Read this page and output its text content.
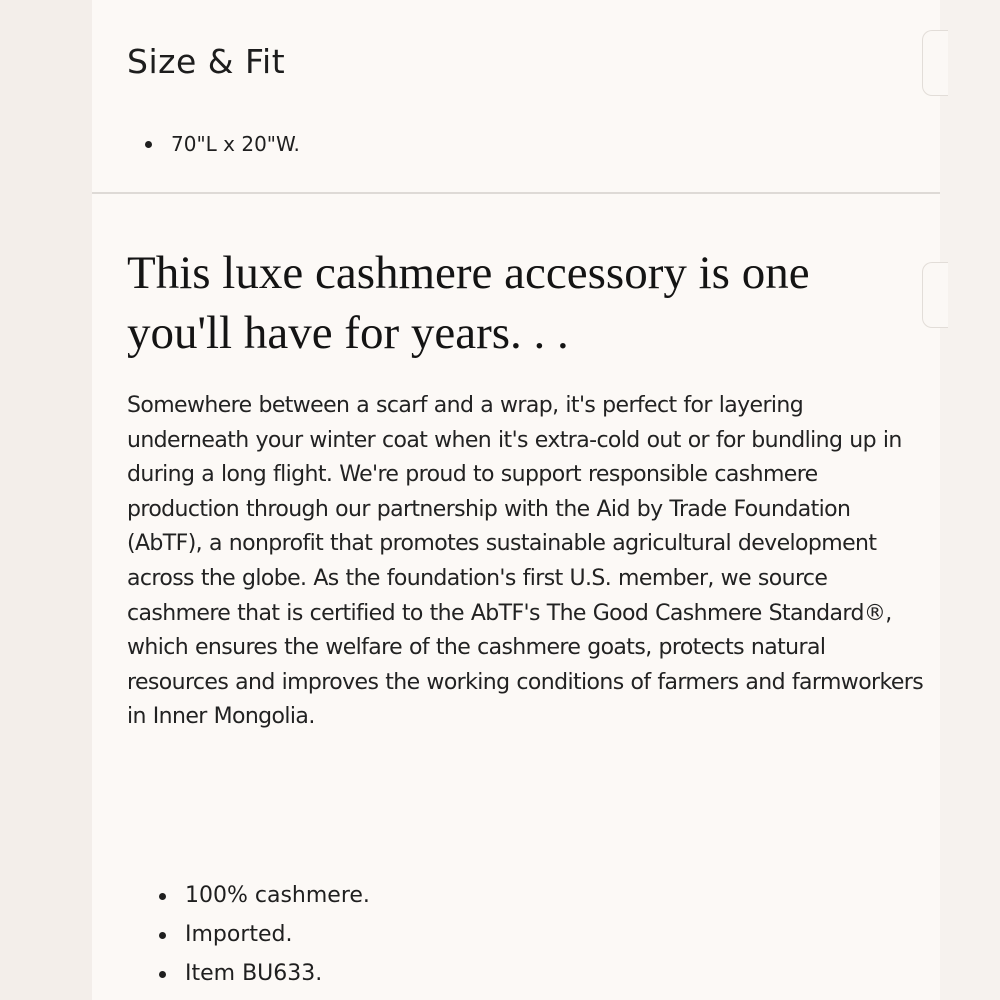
Size & Fit
70"L x 20"W.
This luxe cashmere accessory is one you'll have for years. . .

Somewhere between a scarf and a wrap, it's perfect for layering underneath your winter coat when it's extra-cold out or for bundling up in during a long flight. We're proud to support responsible cashmere production through our partnership with the Aid by Trade Foundation (AbTF), a nonprofit that promotes sustainable agricultural development across the globe. As the foundation's first U.S. member, we source cashmere that is certified to the AbTF's The Good Cashmere Standard®, which ensures the welfare of the cashmere goats, protects natural resources and improves the working conditions of farmers and farmworkers in Inner Mongolia.

100% cashmere.
Imported.
Item BU633.
